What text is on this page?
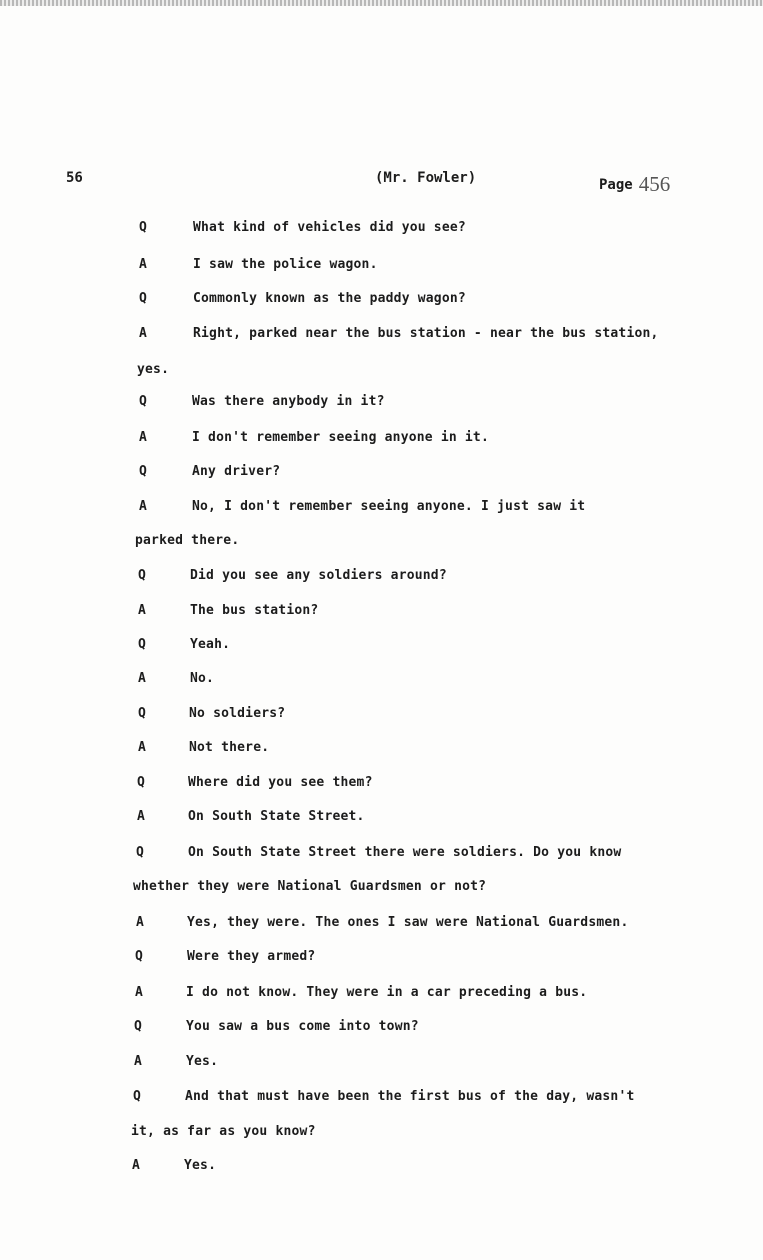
56	(Mr. Fowler)	Page 456
Q	What kind of vehicles did you see?
A	I saw the police wagon.
Q	Commonly known as the paddy wagon?
A	Right, parked near the bus station - near the bus station,
yes.
Q	Was there anybody in it?
A	I don't remember seeing anyone in it.
Q	Any driver?
A	No, I don't remember seeing anyone. I just saw it
parked there.
Q	Did you see any soldiers around?
A	The bus station?
Q	Yeah.
A	No.
Q	No soldiers?
A	Not there.
Q	Where did you see them?
A	On South State Street.
Q	On South State Street there were soldiers. Do you know
whether they were National Guardsmen or not?
A	Yes, they were. The ones I saw were National Guardsmen.
Q	Were they armed?
A	I do not know. They were in a car preceding a bus.
Q	You saw a bus come into town?
A	Yes.
Q	And that must have been the first bus of the day, wasn't
it, as far as you know?
A	Yes.
